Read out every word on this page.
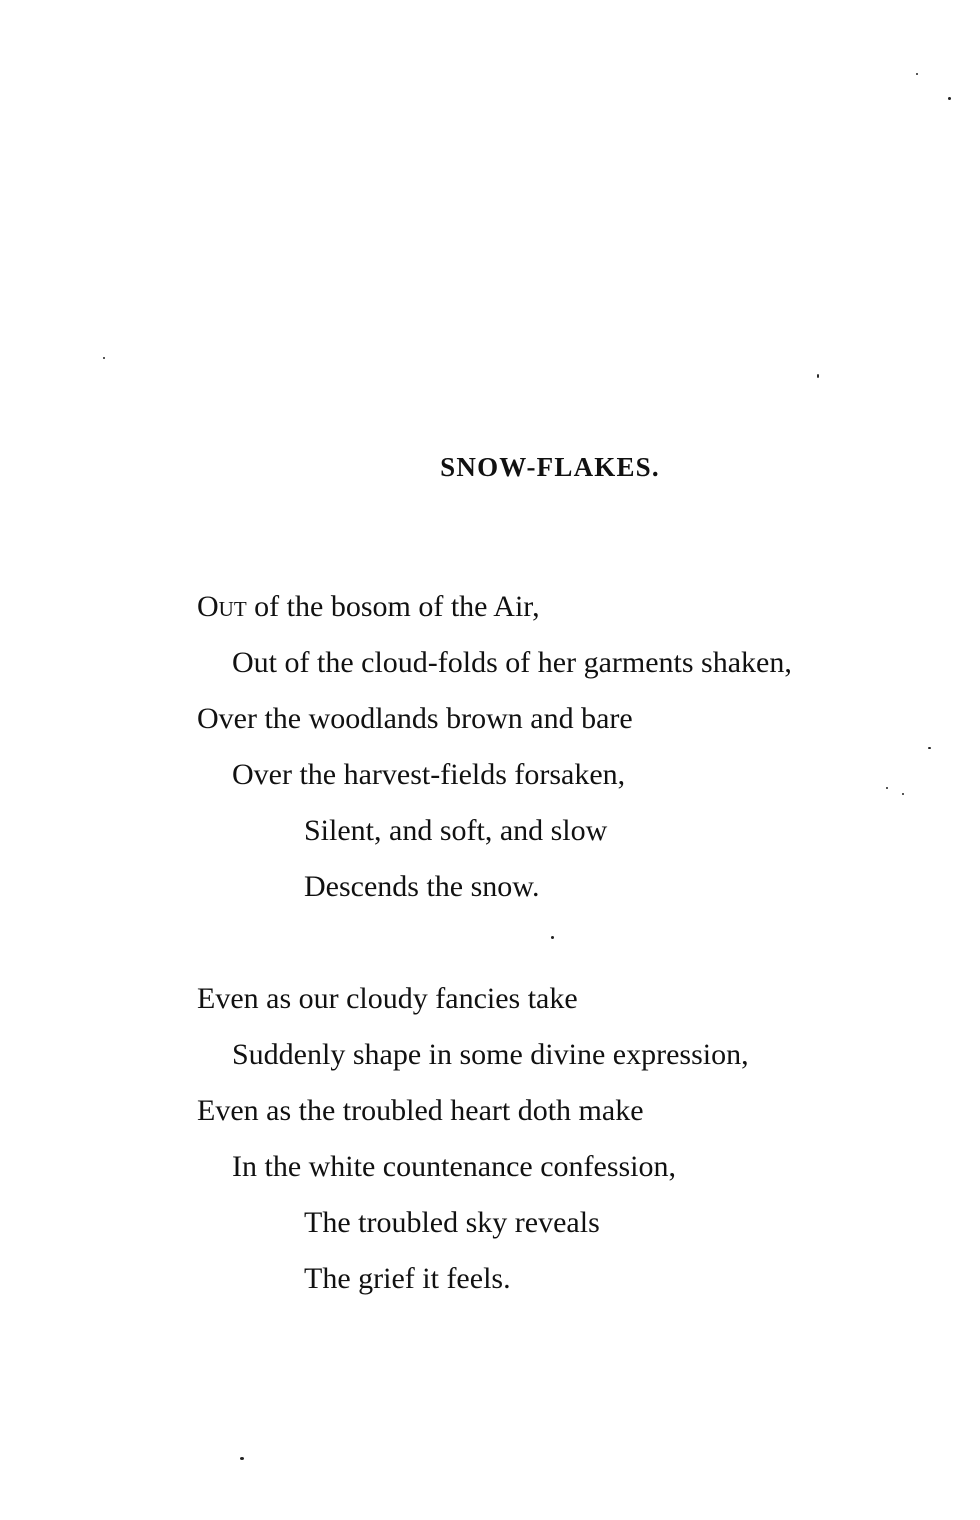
SNOW-FLAKES.
Out of the bosom of the Air,
Out of the cloud-folds of her garments shaken,
Over the woodlands brown and bare
Over the harvest-fields forsaken,
Silent, and soft, and slow
Descends the snow.
Even as our cloudy fancies take
Suddenly shape in some divine expression,
Even as the troubled heart doth make
In the white countenance confession,
The troubled sky reveals
The grief it feels.
